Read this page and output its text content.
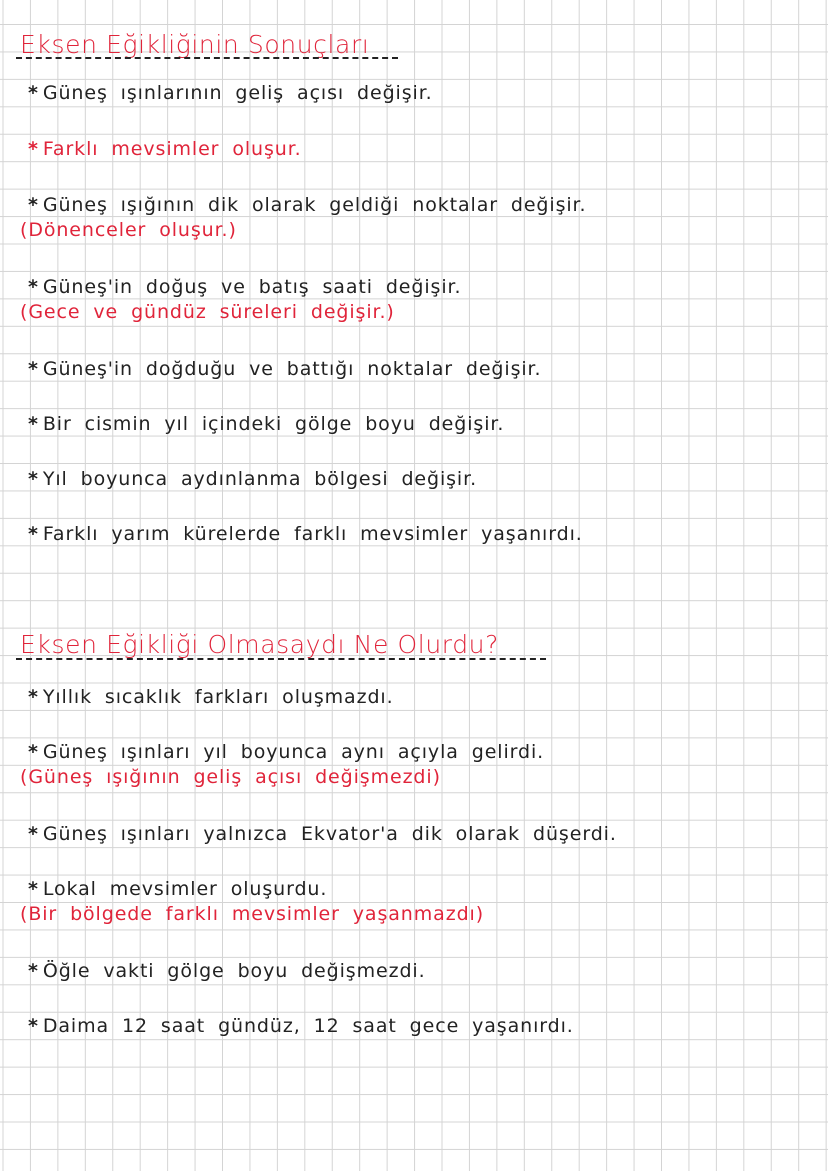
Eksen Eğikliğinin Sonuçları
* Güneş ışınlarının geliş açısı değişir.
* Farklı mevsimler oluşur.
* Güneş ışığının dik olarak geldiği noktalar değişir.
(Dönenceler oluşur.)
* Güneş'in doğuş ve batış saati değişir.
(Gece ve gündüz süreleri değişir.)
* Güneş'in doğduğu ve battığı noktalar değişir.
* Bir cismin yıl içindeki gölge boyu değişir.
* Yıl boyunca aydınlanma bölgesi değişir.
* Farklı yarım kürelerde farklı mevsimler yaşanırdı.
Eksen Eğikliği Olmasaydı Ne Olurdu?
* Yıllık sıcaklık farkları oluşmazdı.
* Güneş ışınları yıl boyunca aynı açıyla gelirdi.
(Güneş ışığının geliş açısı değişmezdi)
* Güneş ışınları yalnızca Ekvator'a dik olarak düşerdi.
* Lokal mevsimler oluşurdu.
(Bir bölgede farklı mevsimler yaşanmazdı)
* Öğle vakti gölge boyu değişmezdi.
* Daima 12 saat gündüz, 12 saat gece yaşanırdı.
